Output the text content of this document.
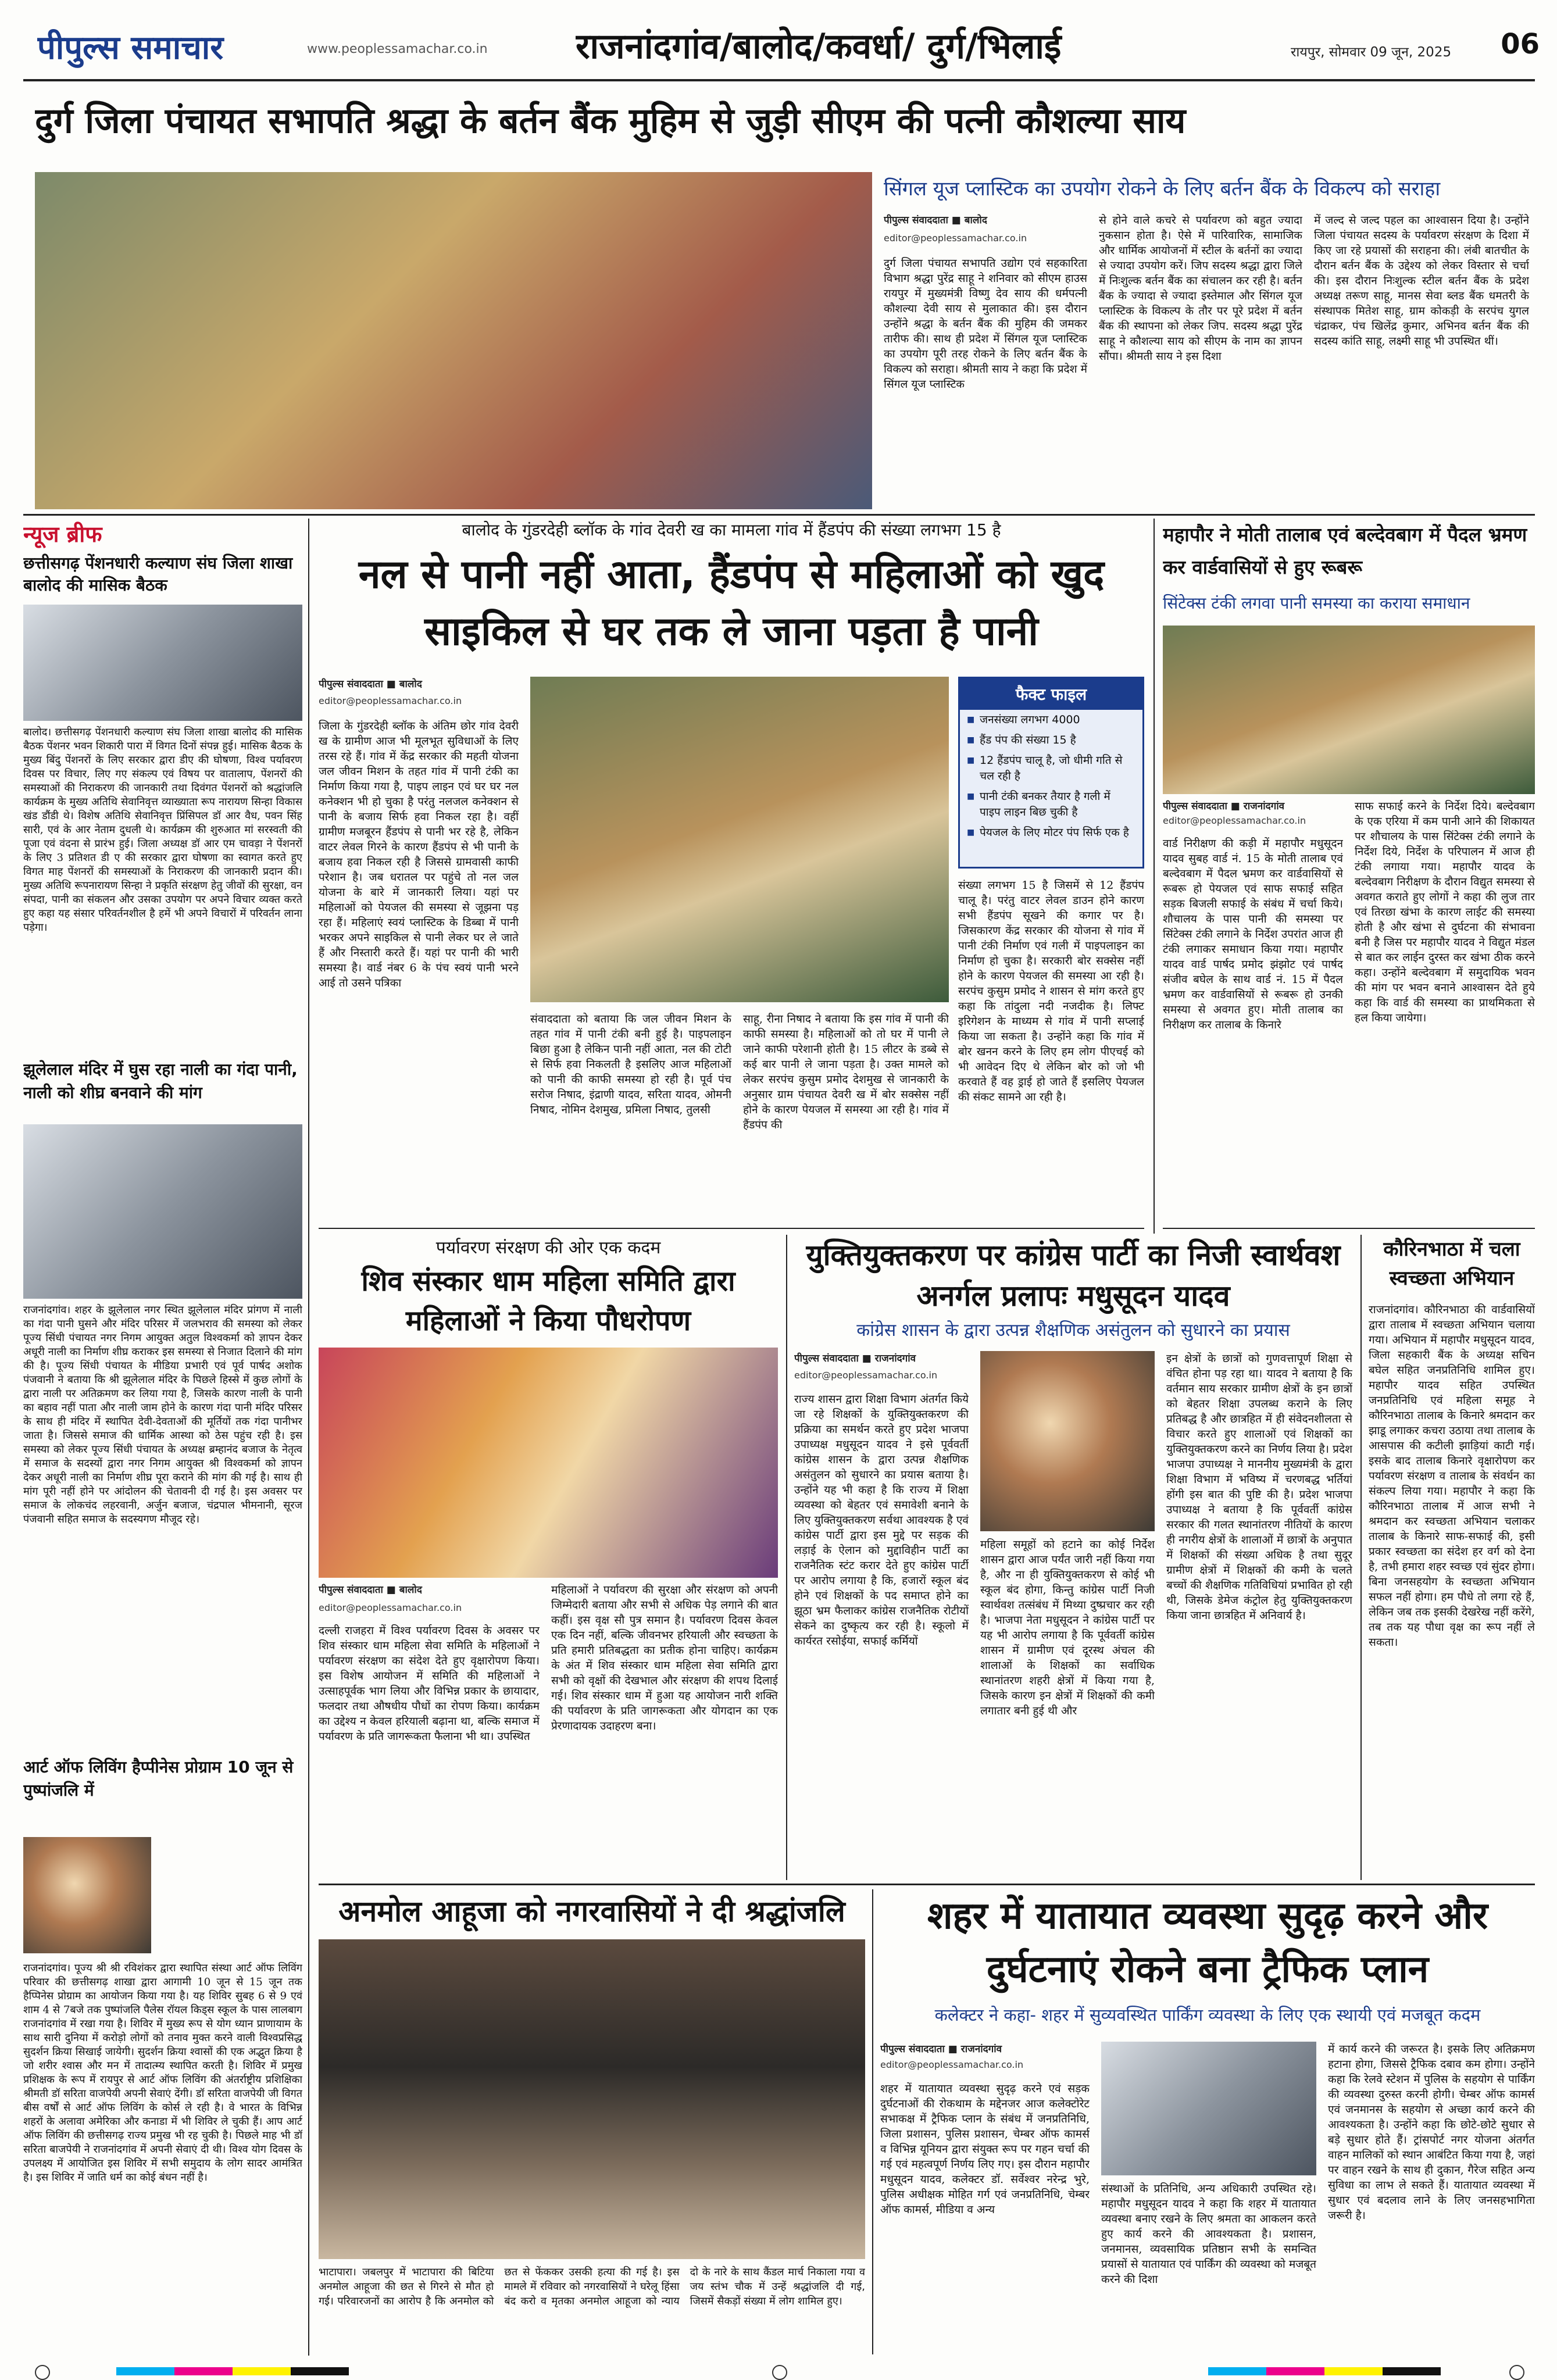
पीपुल्स समाचार	www.peoplessamachar.co.in	राजनांदगांव/बालोद/कवर्धा/ दुर्ग/भिलाई	रायपुर, सोमवार 09 जून, 2025	06
दुर्ग जिला पंचायत सभापति श्रद्धा के बर्तन बैंक मुहिम से जुड़ी सीएम की पत्नी कौशल्या साय
सिंगल यूज प्लास्टिक का उपयोग रोकने के लिए बर्तन बैंक के विकल्प को सराहा
पीपुल्स संवाददाता ■ बालोद
editor@peoplessamachar.co.in
दुर्ग जिला पंचायत सभापति उद्योग एवं सहकारिता विभाग श्रद्धा पुरेंद्र साहू ने शनिवार को सीएम हाउस रायपुर में मुख्यमंत्री विष्णु देव साय की धर्मपत्नी कौशल्या देवी साय से मुलाकात की। इस दौरान उन्होंने श्रद्धा के बर्तन बैंक की मुहिम की जमकर तारीफ की। साथ ही प्रदेश में सिंगल यूज प्लास्टिक का उपयोग पूरी तरह रोकने के लिए बर्तन बैंक के विकल्प को सराहा। श्रीमती साय ने कहा कि प्रदेश में सिंगल यूज प्लास्टिक
से होने वाले कचरे से पर्यावरण को बहुत ज्यादा नुकसान होता है। ऐसे में पारिवारिक, सामाजिक और धार्मिक आयोजनों में स्टील के बर्तनों का ज्यादा से ज्यादा उपयोग करें। जिप सदस्य श्रद्धा द्वारा जिले में निःशुल्क बर्तन बैंक का संचालन कर रही है। बर्तन बैंक के ज्यादा से ज्यादा इस्तेमाल और सिंगल यूज प्लास्टिक के विकल्प के तौर पर पूरे प्रदेश में बर्तन बैंक की स्थापना को लेकर जिप. सदस्य श्रद्धा पुरेंद्र साहू ने कौशल्या साय को सीएम के नाम का ज्ञापन सौंपा। श्रीमती साय ने इस दिशा
में जल्द से जल्द पहल का आश्वासन दिया है। उन्होंने जिला पंचायत सदस्य के पर्यावरण संरक्षण के दिशा में किए जा रहे प्रयासों की सराहना की। लंबी बातचीत के दौरान बर्तन बैंक के उद्देश्य को लेकर विस्तार से चर्चा की। इस दौरान निःशुल्क स्टील बर्तन बैंक के प्रदेश अध्यक्ष तरूण साहू, मानस सेवा ब्लड बैंक धमतरी के संस्थापक मितेश साहू, ग्राम कोकड़ी के सरपंच युगल चंद्राकर, पंच खिलेंद्र कुमार, अभिनव बर्तन बैंक की सदस्य कांति साहू, लक्ष्मी साहू भी उपस्थित थीं।
न्यूज ब्रीफ
छत्तीसगढ़ पेंशनधारी कल्याण संघ जिला शाखा बालोद की मासिक बैठक
बालोद। छत्तीसगढ़ पेंशनधारी कल्याण संघ जिला शाखा बालोद की मासिक बैठक पेंशनर भवन शिकारी पारा में विगत दिनों संपन्न हुई। मासिक बैठक के मुख्य बिंदु पेंशनरों के लिए सरकार द्वारा डीए की घोषणा, विश्व पर्यावरण दिवस पर विचार, लिए गए संकल्प एवं विषय पर वातालाप, पेंशनरों की समस्याओं की निराकरण की जानकारी तथा दिवंगत पेंशनरों को श्रद्धांजलि कार्यक्रम के मुख्य अतिथि सेवानिवृत्त व्याख्याता रूप नारायण सिन्हा विकास खंड डौंडी थे। विशेष अतिथि सेवानिवृत्त प्रिंसिपल डॉ आर वैध, पवन सिंह सारी, एवं के आर नेताम दुधली थे। कार्यक्रम की शुरुआत मां सरस्वती की पूजा एवं वंदना से प्रारंभ हुई। जिला अध्यक्ष डॉ आर एम चावड़ा ने पेंशनरों के लिए 3 प्रतिशत डी ए की सरकार द्वारा घोषणा का स्वागत करते हुए विगत माह पेंशनरों की समस्याओं के निराकरण की जानकारी प्रदान की। मुख्य अतिथि रूपनारायण सिन्हा ने प्रकृति संरक्षण हेतु जीवों की सुरक्षा, वन संपदा, पानी का संकलन और उसका उपयोग पर अपने विचार व्यक्त करते हुए कहा यह संसार परिवर्तनशील है हमें भी अपने विचारों में परिवर्तन लाना पड़ेगा।
झूलेलाल मंदिर में घुस रहा नाली का गंदा पानी, नाली को शीघ्र बनवाने की मांग
राजनांदगांव। शहर के झूलेलाल नगर स्थित झूलेलाल मंदिर प्रांगण में नाली का गंदा पानी घुसने और मंदिर परिसर में जलभराव की समस्या को लेकर पूज्य सिंधी पंचायत नगर निगम आयुक्त अतुल विश्वकर्मा को ज्ञापन देकर अधूरी नाली का निर्माण शीघ्र कराकर इस समस्या से निजात दिलाने की मांग की है। पूज्य सिंधी पंचायत के मीडिया प्रभारी एवं पूर्व पार्षद अशोक पंजवानी ने बताया कि श्री झूलेलाल मंदिर के पिछले हिस्से में कुछ लोगों के द्वारा नाली पर अतिक्रमण कर लिया गया है, जिसके कारण नाली के पानी का बहाव नहीं पाता और नाली जाम होने के कारण गंदा पानी मंदिर परिसर के साथ ही मंदिर में स्थापित देवी-देवताओं की मूर्तियों तक गंदा पानीभर जाता है। जिससे समाज की धार्मिक आस्था को ठेस पहुंच रही है। इस समस्या को लेकर पूज्य सिंधी पंचायत के अध्यक्ष ब्रम्हानंद बजाज के नेतृत्व में समाज के सदस्यों द्वारा नगर निगम आयुक्त श्री विश्वकर्मा को ज्ञापन देकर अधूरी नाली का निर्माण शीघ्र पूरा कराने की मांग की गई है। साथ ही मांग पूरी नहीं होने पर आंदोलन की चेतावनी दी गई है। इस अवसर पर समाज के लोकचंद लहरवानी, अर्जुन बजाज, चंद्रपाल भीमनानी, सूरज पंजवानी सहित समाज के सदस्यगण मौजूद रहे।
आर्ट ऑफ लिविंग हैप्पीनेस प्रोग्राम 10 जून से पुष्पांजलि में
राजनांदगांव। पूज्य श्री श्री रविशंकर द्वारा स्थापित संस्था आर्ट ऑफ लिविंग परिवार की छत्तीसगढ़ शाखा द्वारा आगामी 10 जून से 15 जून तक हैप्पिनेस प्रोग्राम का आयोजन किया गया है। यह शिविर सुबह 6 से 9 एवं शाम 4 से 7बजे तक पुष्पांजलि पैलेस रॉयल किड्स स्कूल के पास लालबाग राजनांदगांव में रखा गया है। शिविर में मुख्य रूप से योग ध्यान प्राणायाम के साथ सारी दुनिया में करोड़ो लोगों को तनाव मुक्त करने वाली विश्वप्रसिद्ध सुदर्शन क्रिया सिखाई जायेगी। सुदर्शन क्रिया श्वासों की एक अद्भुत क्रिया है जो शरीर श्वास और मन में तादात्म्य स्थापित करती है। शिविर में प्रमुख प्रशिक्षक के रूप में रायपुर से आर्ट ऑफ लिविंग की अंतर्राष्ट्रीय प्रशिक्षिका श्रीमती डॉ सरिता वाजपेयी अपनी सेवाएं देंगी। डॉ सरिता वाजपेयी जी विगत बीस वर्षों से आर्ट ऑफ लिविंग के कोर्स ले रही है। वे भारत के विभिन्न शहरों के अलावा अमेरिका और कनाडा में भी शिविर ले चुकी हैं। आप आर्ट ऑफ लिविंग की छत्तीसगढ़ राज्य प्रमुख भी रह चुकी है। पिछले माह भी डॉ सरिता बाजपेयी ने राजनांदगांव में अपनी सेवाएं दी थी। विश्व योग दिवस के उपलक्ष्य में आयोजित इस शिविर में सभी समुदाय के लोग सादर आमंत्रित है। इस शिविर में जाति धर्म का कोई बंधन नहीं है।
बालोद के गुंडरदेही ब्लॉक के गांव देवरी ख का मामला गांव में हैंडपंप की संख्या लगभग 15 है
नल से पानी नहीं आता, हैंडपंप से महिलाओं को खुद साइकिल से घर तक ले जाना पड़ता है पानी
पीपुल्स संवाददाता ■ बालोद
editor@peoplessamachar.co.in
जिला के गुंडरदेही ब्लॉक के अंतिम छोर गांव देवरी ख के ग्रामीण आज भी मूलभूत सुविधाओं के लिए तरस रहे हैं। गांव में केंद्र सरकार की महती योजना जल जीवन मिशन के तहत गांव में पानी टंकी का निर्माण किया गया है, पाइप लाइन एवं घर घर नल कनेक्शन भी हो चुका है परंतु नलजल कनेक्शन से पानी के बजाय सिर्फ हवा निकल रहा है। वहीं ग्रामीण मजबूरन हैंडपंप से पानी भर रहे है, लेकिन वाटर लेवल गिरने के कारण हैंडपंप से भी पानी के बजाय हवा निकल रही है जिससे ग्रामवासी काफी परेशान है। जब धरातल पर पहुंचे तो नल जल योजना के बारे में जानकारी लिया। यहां पर महिलाओं को पेयजल की समस्या से जूझना पड़ रहा हैं। महिलाएं स्वयं प्लास्टिक के डिब्बा में पानी भरकर अपने साइकिल से पानी लेकर घर ले जाते हैं और निस्तारी करते हैं। यहां पर पानी की भारी समस्या है। वार्ड नंबर 6 के पंच स्वयं पानी भरने आई तो उसने पत्रिका
संवाददाता को बताया कि जल जीवन मिशन के तहत गांव में पानी टंकी बनी हुई है। पाइपलाइन बिछा हुआ है लेकिन पानी नहीं आता, नल की टोटी से सिर्फ हवा निकलती है इसलिए आज महिलाओं को पानी की काफी समस्या हो रही है। पूर्व पंच सरोज निषाद, इंद्राणी यादव, सरिता यादव, ओमनी निषाद, नोमिन देशमुख, प्रमिला निषाद, तुलसी
साहू, रीना निषाद ने बताया कि इस गांव में पानी की काफी समस्या है। महिलाओं को तो घर में पानी ले जाने काफी परेशानी होती है। 15 लीटर के डब्बे से कई बार पानी ले जाना पड़ता है। उक्त मामले को लेकर सरपंच कुसुम प्रमोद देशमुख से जानकारी के अनुसार ग्राम पंचायत देवरी ख में बोर सक्सेस नहीं होने के कारण पेयजल में समस्या आ रही है। गांव में हैंडपंप की
फैक्ट फाइल
■ जनसंख्या लगभग 4000
■ हैंड पंप की संख्या 15 है
■ 12 हैंडपंप चालू है, जो धीमी गति से चल रही है
■ पानी टंकी बनकर तैयार है गली में पाइप लाइन बिछ चुकी है
■ पेयजल के लिए मोटर पंप सिर्फ एक है
संख्या लगभग 15 है जिसमें से 12 हैंडपंप चालू है। परंतु वाटर लेवल डाउन होने कारण सभी हैंडपंप सूखने की कगार पर है। जिसकारण केंद्र सरकार की योजना से गांव में पानी टंकी निर्माण एवं गली में पाइपलाइन का निर्माण हो चुका है। सरकारी बोर सक्सेस नहीं होने के कारण पेयजल की समस्या आ रही है। सरपंच कुसुम प्रमोद ने शासन से मांग करते हुए कहा कि तांदुला नदी नजदीक है। लिफ्ट इरिगेशन के माध्यम से गांव में पानी सप्लाई किया जा सकता है। उन्होंने कहा कि गांव में बोर खनन करने के लिए हम लोग पीएचई को भी आवेदन दिए थे लेकिन बोर को जो भी करवाते हैं वह ड्राई हो जाते हैं इसलिए पेयजल की संकट सामने आ रही है।
महापौर ने मोती तालाब एवं बल्देवबाग में पैदल भ्रमण कर वार्डवासियों से हुए रूबरू
सिंटेक्स टंकी लगवा पानी समस्या का कराया समाधान
पीपुल्स संवाददाता ■ राजनांदगांव
editor@peoplessamachar.co.in
वार्ड निरीक्षण की कड़ी में महापौर मधुसूदन यादव सुबह वार्ड नं. 15 के मोती तालाब एवं बल्देवबाग में पैदल भ्रमण कर वार्डवासियों से रूबरू हो पेयजल एवं साफ सफाई सहित सड़क बिजली सफाई के संबंध में चर्चा किये। शौचालय के पास पानी की समस्या पर सिंटेक्स टंकी लगाने के निर्देश उपरांत आज ही टंकी लगाकर समाधान किया गया। महापौर यादव वार्ड पार्षद प्रमोद झंझोट एवं पार्षद संजीव बघेल के साथ वार्ड नं. 15 में पैदल भ्रमण कर वार्डवासियों से रूबरू हो उनकी समस्या से अवगत हुए। मोती तालाब का निरीक्षण कर तालाब के किनारे
साफ सफाई करने के निर्देश दिये। बल्देवबाग के एक एरिया में कम पानी आने की शिकायत पर शौचालय के पास सिंटेक्स टंकी लगाने के निर्देश दिये, निर्देश के परिपालन में आज ही टंकी लगाया गया। महापौर यादव के बल्देवबाग निरीक्षण के दौरान विद्युत समस्या से अवगत कराते हुए लोगों ने कहा की लुज तार एवं तिरछा खंभा के कारण लाईट की समस्या होती है और खंभा से दुर्घटना की संभावना बनी है जिस पर महापौर यादव ने विद्युत मंडल से बात कर लाईन दुरस्त कर खंभा ठीक करने कहा। उन्होंने बल्देवबाग में समुदायिक भवन की मांग पर भवन बनाने आश्वासन देते हुये कहा कि वार्ड की समस्या का प्राथमिकता से हल किया जायेगा।
पर्यावरण संरक्षण की ओर एक कदम
शिव संस्कार धाम महिला समिति द्वारा महिलाओं ने किया पौधरोपण
पीपुल्स संवाददाता ■ बालोद
editor@peoplessamachar.co.in
दल्ली राजहरा में विश्व पर्यावरण दिवस के अवसर पर शिव संस्कार धाम महिला सेवा समिति के महिलाओं ने पर्यावरण संरक्षण का संदेश देते हुए वृक्षारोपण किया। इस विशेष आयोजन में समिति की महिलाओं ने उत्साहपूर्वक भाग लिया और विभिन्न प्रकार के छायादार, फलदार तथा औषधीय पौधों का रोपण किया। कार्यक्रम का उद्देश्य न केवल हरियाली बढ़ाना था, बल्कि समाज में पर्यावरण के प्रति जागरूकता फैलाना भी था। उपस्थित
महिलाओं ने पर्यावरण की सुरक्षा और संरक्षण को अपनी जिम्मेदारी बताया और सभी से अधिक पेड़ लगाने की बात कहीं। इस वृक्ष सौ पुत्र समान है। पर्यावरण दिवस केवल एक दिन नहीं, बल्कि जीवनभर हरियाली और स्वच्छता के प्रति हमारी प्रतिबद्धता का प्रतीक होना चाहिए। कार्यक्रम के अंत में शिव संस्कार धाम महिला सेवा समिति द्वारा सभी को वृक्षों की देखभाल और संरक्षण की शपथ दिलाई गई। शिव संस्कार धाम में हुआ यह आयोजन नारी शक्ति की पर्यावरण के प्रति जागरूकता और योगदान का एक प्रेरणादायक उदाहरण बना।
युक्तियुक्तकरण पर कांग्रेस पार्टी का निजी स्वार्थवश अनर्गल प्रलापः मधुसूदन यादव
कांग्रेस शासन के द्वारा उत्पन्न शैक्षणिक असंतुलन को सुधारने का प्रयास
पीपुल्स संवाददाता ■ राजनांदगांव
editor@peoplessamachar.co.in
राज्य शासन द्वारा शिक्षा विभाग अंतर्गत किये जा रहे शिक्षकों के युक्तियुक्तकरण की प्रक्रिया का समर्थन करते हुए प्रदेश भाजपा उपाध्यक्ष मधुसूदन यादव ने इसे पूर्ववर्ती कांग्रेस शासन के द्वारा उत्पन्न शैक्षणिक असंतुलन को सुधारने का प्रयास बताया है। उन्होंने यह भी कहा है कि राज्य में शिक्षा व्यवस्था को बेहतर एवं समावेशी बनाने के लिए युक्तियुक्तकरण सर्वथा आवश्यक है एवं कांग्रेस पार्टी द्वारा इस मुद्दे पर सड़क की लड़ाई के ऐलान को मुद्दाविहीन पार्टी का राजनैतिक स्टंट करार देते हुए कांग्रेस पार्टी पर आरोप लगाया है कि, हजारों स्कूल बंद होने एवं शिक्षकों के पद समाप्त होने का झूठा भ्रम फैलाकर कांग्रेस राजनैतिक रोटीयों सेकने का दुष्कृत्य कर रही है। स्कूलो में कार्यरत रसोईया, सफाई कर्मियों
महिला समूहों को हटाने का कोई निर्देश शासन द्वारा आज पर्यंत जारी नहीं किया गया है, और ना ही युक्तियुक्तकरण से कोई भी स्कूल बंद होगा, किन्तु कांग्रेस पार्टी निजी स्वार्थवश तत्संबंध में मिथ्या दुष्प्रचार कर रही है। भाजपा नेता मधुसूदन ने कांग्रेस पार्टी पर यह भी आरोप लगाया है कि पूर्ववर्ती कांग्रेस शासन में ग्रामीण एवं दूरस्थ अंचल की शालाओं के शिक्षकों का सर्वाधिक स्थानांतरण शहरी क्षेत्रों में किया गया है, जिसके कारण इन क्षेत्रों में शिक्षकों की कमी लगातार बनी हुई थी और
इन क्षेत्रों के छात्रों को गुणवत्तापूर्ण शिक्षा से वंचित होना पड़ रहा था। यादव ने बताया है कि वर्तमान साय सरकार ग्रामीण क्षेत्रों के इन छात्रों को बेहतर शिक्षा उपलब्ध कराने के लिए प्रतिबद्ध है और छात्रहित में ही संवेदनशीलता से विचार करते हुए शालाओं एवं शिक्षकों का युक्तियुक्तकरण करने का निर्णय लिया है। प्रदेश भाजपा उपाध्यक्ष ने माननीय मुख्यमंत्री के द्वारा शिक्षा विभाग में भविष्य में चरणबद्ध भर्तियां होंगी इस बात की पुष्टि की है। प्रदेश भाजपा उपाध्यक्ष ने बताया है कि पूर्ववर्ती कांग्रेस सरकार की गलत स्थानांतरण नीतियों के कारण ही नगरीय क्षेत्रों के शालाओं में छात्रों के अनुपात में शिक्षकों की संख्या अधिक है तथा सुदूर ग्रामीण क्षेत्रों में शिक्षकों की कमी के चलते बच्चों की शैक्षणिक गतिविधियां प्रभावित हो रही थी, जिसके डेमेज कंट्रोल हेतु युक्तियुक्तकरण किया जाना छात्रहित में अनिवार्य है।
कौरिनभाठा में चला स्वच्छता अभियान
राजनांदगांव। कौरिनभाठा की वार्डवासियों द्वारा तालाब में स्वच्छता अभियान चलाया गया। अभियान में महापौर मधुसूदन यादव, जिला सहकारी बैंक के अध्यक्ष सचिन बघेल सहित जनप्रतिनिधि शामिल हुए। महापौर यादव सहित उपस्थित जनप्रतिनिधि एवं महिला समूह ने कौरिनभाठा तालाब के किनारे श्रमदान कर झाडू लगाकर कचरा उठाया तथा तालाब के आसपास की कटीली झाड़ियां काटी गई। इसके बाद तालाब किनारे वृक्षारोपण कर पर्यावरण संरक्षण व तालाब के संवर्धन का संकल्प लिया गया। महापौर ने कहा कि कौरिनभाठा तालाब में आज सभी ने श्रमदान कर स्वच्छता अभियान चलाकर तालाब के किनारे साफ-सफाई की, इसी प्रकार स्वच्छता का संदेश हर वर्ग को देना है, तभी हमारा शहर स्वच्छ एवं सुंदर होगा। बिना जनसहयोग के स्वच्छता अभियान सफल नहीं होगा। हम पौधे तो लगा रहे हैं, लेकिन जब तक इसकी देखरेख नहीं करेंगे, तब तक यह पौधा वृक्ष का रूप नहीं ले सकता।
अनमोल आहूजा को नगरवासियों ने दी श्रद्धांजलि
भाटापारा। जबलपुर में भाटापारा की बिटिया अनमोल आहूजा की छत से गिरने से मौत हो गई। परिवारजनों का आरोप है कि अनमोल को छत से फेंककर उसकी हत्या की गई है। इस मामले में रविवार को नगरवासियों ने घरेलू हिंसा बंद करो व मृतका अनमोल आहूजा को न्याय दो के नारे के साथ कैंडल मार्च निकाला गया व जय स्तंभ चौक में उन्हें श्रद्धांजलि दी गई, जिसमें सैकड़ों संख्या में लोग शामिल हुए।
शहर में यातायात व्यवस्था सुदृढ़ करने और दुर्घटनाएं रोकने बना ट्रैफिक प्लान
कलेक्टर ने कहा- शहर में सुव्यवस्थित पार्किंग व्यवस्था के लिए एक स्थायी एवं मजबूत कदम
पीपुल्स संवाददाता ■ राजनांदगांव
editor@peoplessamachar.co.in
शहर में यातायात व्यवस्था सुदृढ़ करने एवं सड़क दुर्घटनाओं की रोकथाम के मद्देनजर आज कलेक्टोरेट सभाकक्ष में ट्रैफिक प्लान के संबंध में जनप्रतिनिधि, जिला प्रशासन, पुलिस प्रशासन, चेम्बर ऑफ कामर्स व विभिन्न यूनियन द्वारा संयुक्त रूप पर गहन चर्चा की गई एवं महत्वपूर्ण निर्णय लिए गए। इस दौरान महापौर मधुसूदन यादव, कलेक्टर डॉ. सर्वेश्वर नरेन्द्र भुरे, पुलिस अधीक्षक मोहित गर्ग एवं जनप्रतिनिधि, चेम्बर ऑफ कामर्स, मीडिया व अन्य
संस्थाओं के प्रतिनिधि, अन्य अधिकारी उपस्थित रहे। महापौर मधुसूदन यादव ने कहा कि शहर में यातायात व्यवस्था बनाए रखने के लिए श्रमता का आकलन करते हुए कार्य करने की आवश्यकता है। प्रशासन, जनमानस, व्यवसायिक प्रतिष्ठान सभी के समन्वित प्रयासों से यातायात एवं पार्किंग की व्यवस्था को मजबूत करने की दिशा
में कार्य करने की जरूरत है। इसके लिए अतिक्रमण हटाना होगा, जिससे ट्रैफिक दबाव कम होगा। उन्होंने कहा कि रेलवे स्टेशन में पुलिस के सहयोग से पार्किंग की व्यवस्था दुरुस्त करनी होगी। चेम्बर ऑफ कामर्स एवं जनमानस के सहयोग से अच्छा कार्य करने की आवश्यकता है। उन्होंने कहा कि छोटे-छोटे सुधार से बड़े सुधार होते हैं। ट्रांसपोर्ट नगर योजना अंतर्गत वाहन मालिकों को स्थान आबंटित किया गया है, जहां पर वाहन रखने के साथ ही दुकान, गैरेज सहित अन्य सुविधा का लाभ ले सकते हैं। यातायात व्यवस्था में सुधार एवं बदलाव लाने के लिए जनसहभागिता जरूरी है।
